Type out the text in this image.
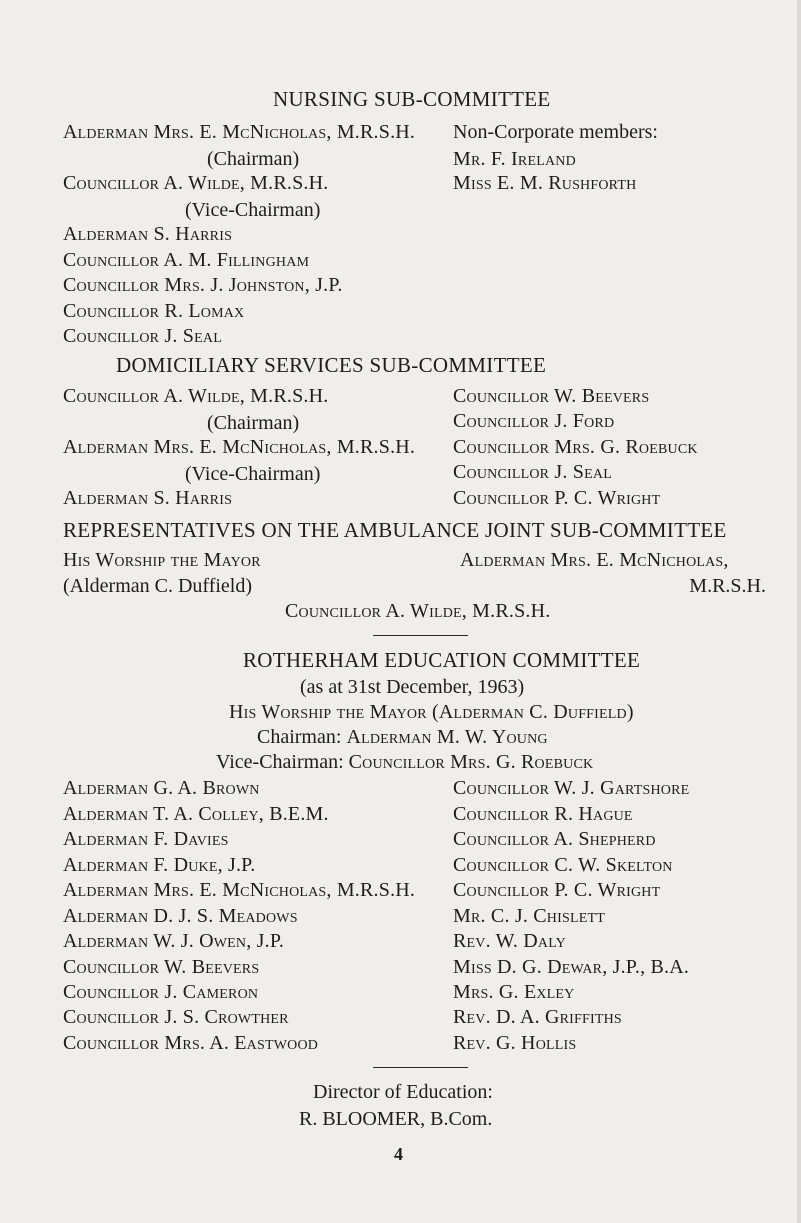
NURSING SUB-COMMITTEE
Alderman Mrs. E. McNicholas, M.R.S.H.
(Chairman)
Councillor A. Wilde, M.R.S.H.
(Vice-Chairman)
Alderman S. Harris
Councillor A. M. Fillingham
Councillor Mrs. J. Johnston, J.P.
Councillor R. Lomax
Councillor J. Seal
Non-Corporate members:
Mr. F. Ireland
Miss E. M. Rushforth
DOMICILIARY SERVICES SUB-COMMITTEE
Councillor A. Wilde, M.R.S.H.
(Chairman)
Alderman Mrs. E. McNicholas, M.R.S.H.
(Vice-Chairman)
Alderman S. Harris
Councillor W. Beevers
Councillor J. Ford
Councillor Mrs. G. Roebuck
Councillor J. Seal
Councillor P. C. Wright
REPRESENTATIVES ON THE AMBULANCE JOINT SUB-COMMITTEE
His Worship the Mayor
(Alderman C. Duffield)
Alderman Mrs. E. McNicholas,
M.R.S.H.
Councillor A. Wilde, M.R.S.H.
ROTHERHAM EDUCATION COMMITTEE
(as at 31st December, 1963)
His Worship the Mayor (Alderman C. Duffield)
Chairman: Alderman M. W. Young
Vice-Chairman: Councillor Mrs. G. Roebuck
Alderman G. A. Brown
Alderman T. A. Colley, B.E.M.
Alderman F. Davies
Alderman F. Duke, J.P.
Alderman Mrs. E. McNicholas, M.R.S.H.
Alderman D. J. S. Meadows
Alderman W. J. Owen, J.P.
Councillor W. Beevers
Councillor J. Cameron
Councillor J. S. Crowther
Councillor Mrs. A. Eastwood
Councillor W. J. Gartshore
Councillor R. Hague
Councillor A. Shepherd
Councillor C. W. Skelton
Councillor P. C. Wright
Mr. C. J. Chislett
Rev. W. Daly
Miss D. G. Dewar, J.P., B.A.
Mrs. G. Exley
Rev. D. A. Griffiths
Rev. G. Hollis
Director of Education:
R. BLOOMER, B.Com.
4
